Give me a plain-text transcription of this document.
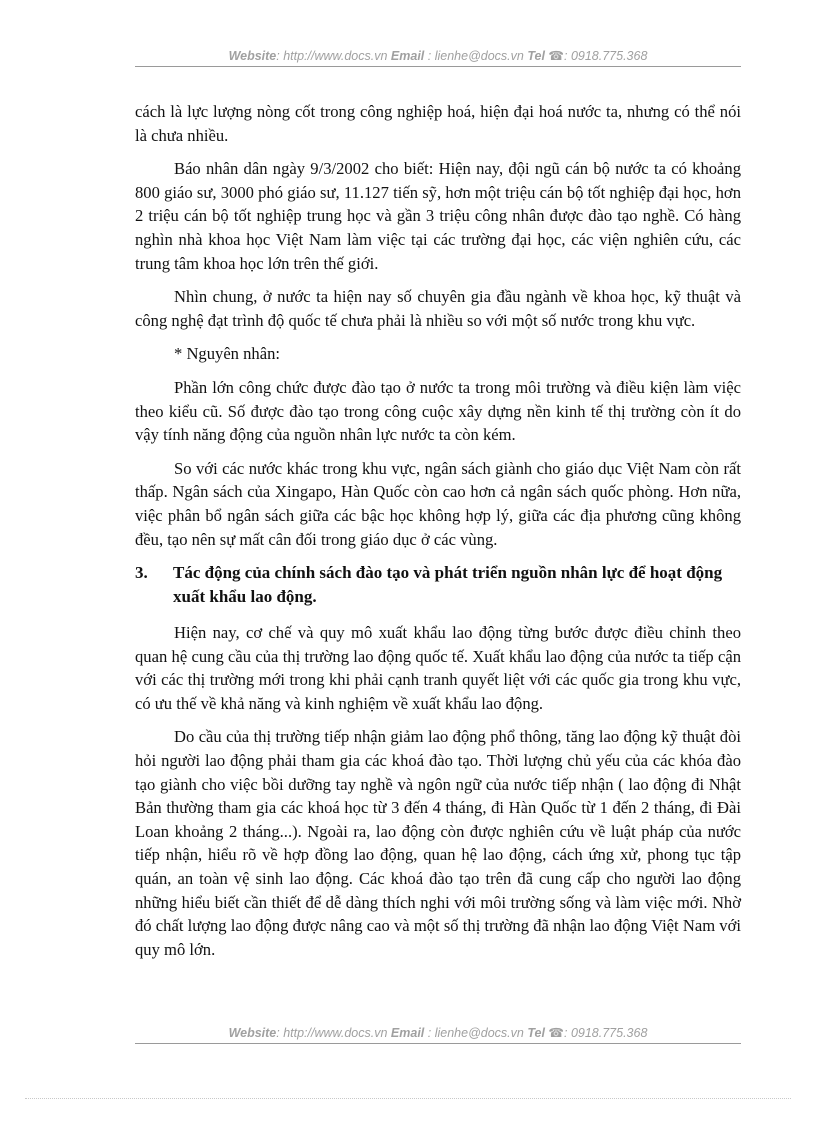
Website: http://www.docs.vn Email : lienhe@docs.vn Tel ☎: 0918.775.368

cách là lực lượng nòng cốt trong công nghiệp hoá, hiện đại hoá nước ta, nhưng có thể nói là chưa nhiều.

Báo nhân dân ngày 9/3/2002 cho biết: Hiện nay, đội ngũ cán bộ nước ta có khoảng 800 giáo sư, 3000 phó giáo sư, 11.127 tiến sỹ, hơn một triệu cán bộ tốt nghiệp đại học, hơn 2 triệu cán bộ tốt nghiệp trung học và gần 3 triệu công nhân được đào tạo nghề. Có hàng nghìn nhà khoa học Việt Nam làm việc tại các trường đại học, các viện nghiên cứu, các trung tâm khoa học lớn trên thế giới.

Nhìn chung, ở nước ta hiện nay số chuyên gia đầu ngành về khoa học, kỹ thuật và công nghệ đạt trình độ quốc tế chưa phải là nhiều so với một số nước trong khu vực.

* Nguyên nhân:

Phần lớn công chức được đào tạo ở nước ta trong môi trường và điều kiện làm việc theo kiểu cũ. Số được đào tạo trong công cuộc xây dựng nền kinh tế thị trường còn ít do vậy tính năng động của nguồn nhân lực nước ta còn kém.

So với các nước khác trong khu vực, ngân sách giành cho giáo dục Việt Nam còn rất thấp. Ngân sách của Xingapo, Hàn Quốc còn cao hơn cả ngân sách quốc phòng. Hơn nữa, việc phân bổ ngân sách giữa các bậc học không hợp lý, giữa các địa phương cũng không đều, tạo nên sự mất cân đối trong giáo dục ở các vùng.

3.	Tác động của chính sách đào tạo và phát triển nguồn nhân lực để hoạt động xuất khẩu lao động.

Hiện nay, cơ chế và quy mô xuất khẩu lao động từng bước được điều chỉnh theo quan hệ cung cầu của thị trường lao động quốc tế. Xuất khẩu lao động của nước ta tiếp cận với các thị trường mới trong khi phải cạnh tranh quyết liệt với các quốc gia trong khu vực, có ưu thế về khả năng và kinh nghiệm về xuất khẩu lao động.

Do cầu của thị trường tiếp nhận giảm lao động phổ thông, tăng lao động kỹ thuật đòi hỏi người lao động phải tham gia các khoá đào tạo. Thời lượng chủ yếu của các khóa đào tạo giành cho việc bồi dưỡng tay nghề và ngôn ngữ của nước tiếp nhận ( lao động đi Nhật Bản thường tham gia các khoá học từ 3 đến 4 tháng, đi Hàn Quốc từ 1 đến 2 tháng, đi Đài Loan khoảng 2 tháng...). Ngoài ra, lao động còn được nghiên cứu về luật pháp của nước tiếp nhận, hiểu rõ về hợp đồng lao động, quan hệ lao động, cách ứng xử, phong tục tập quán, an toàn vệ sinh lao động. Các khoá đào tạo trên đã cung cấp cho người lao động những hiểu biết cần thiết để dễ dàng thích nghi với môi trường sống và làm việc mới. Nhờ đó chất lượng lao động được nâng cao và một số thị trường đã nhận lao động Việt Nam với quy mô lớn.

Website: http://www.docs.vn Email : lienhe@docs.vn Tel ☎: 0918.775.368
